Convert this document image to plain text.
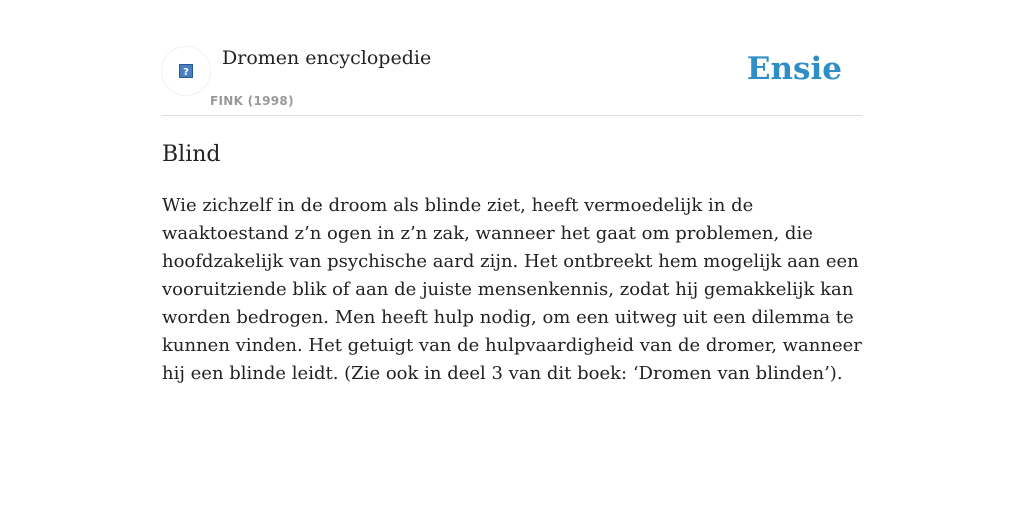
?
Dromen encyclopedie
FINK (1998)
Ensie
Blind

Wie zichzelf in de droom als blinde ziet, heeft vermoedelijk in de waaktoestand z’n ogen in z’n zak, wanneer het gaat om problemen, die hoofdzakelijk van psychische aard zijn. Het ontbreekt hem mogelijk aan een vooruitziende blik of aan de juiste mensenkennis, zodat hij gemakkelijk kan worden bedrogen. Men heeft hulp nodig, om een uitweg uit een dilemma te kunnen vinden. Het getuigt van de hulpvaardigheid van de dromer, wanneer hij een blinde leidt. (Zie ook in deel 3 van dit boek: ‘Dromen van blinden’).
